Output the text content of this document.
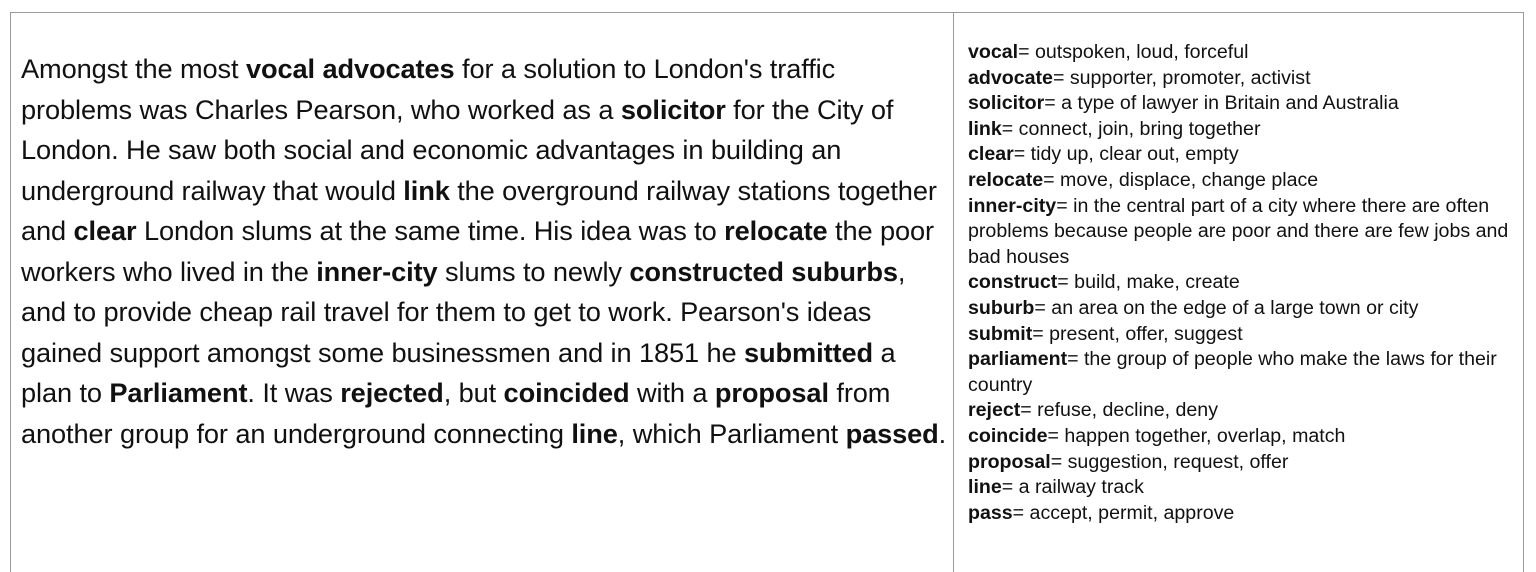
Amongst the most vocal advocates for a solution to London's traffic problems was Charles Pearson, who worked as a solicitor for the City of London. He saw both social and economic advantages in building an underground railway that would link the overground railway stations together and clear London slums at the same time. His idea was to relocate the poor workers who lived in the inner-city slums to newly constructed suburbs, and to provide cheap rail travel for them to get to work. Pearson's ideas gained support amongst some businessmen and in 1851 he submitted a plan to Parliament. It was rejected, but coincided with a proposal from another group for an underground connecting line, which Parliament passed.

vocal= outspoken, loud, forceful
advocate= supporter, promoter, activist
solicitor= a type of lawyer in Britain and Australia
link= connect, join, bring together
clear= tidy up, clear out, empty
relocate= move, displace, change place
inner-city= in the central part of a city where there are often problems because people are poor and there are few jobs and bad houses
construct= build, make, create
suburb= an area on the edge of a large town or city
submit= present, offer, suggest
parliament= the group of people who make the laws for their country
reject= refuse, decline, deny
coincide= happen together, overlap, match
proposal= suggestion, request, offer
line= a railway track
pass= accept, permit, approve
